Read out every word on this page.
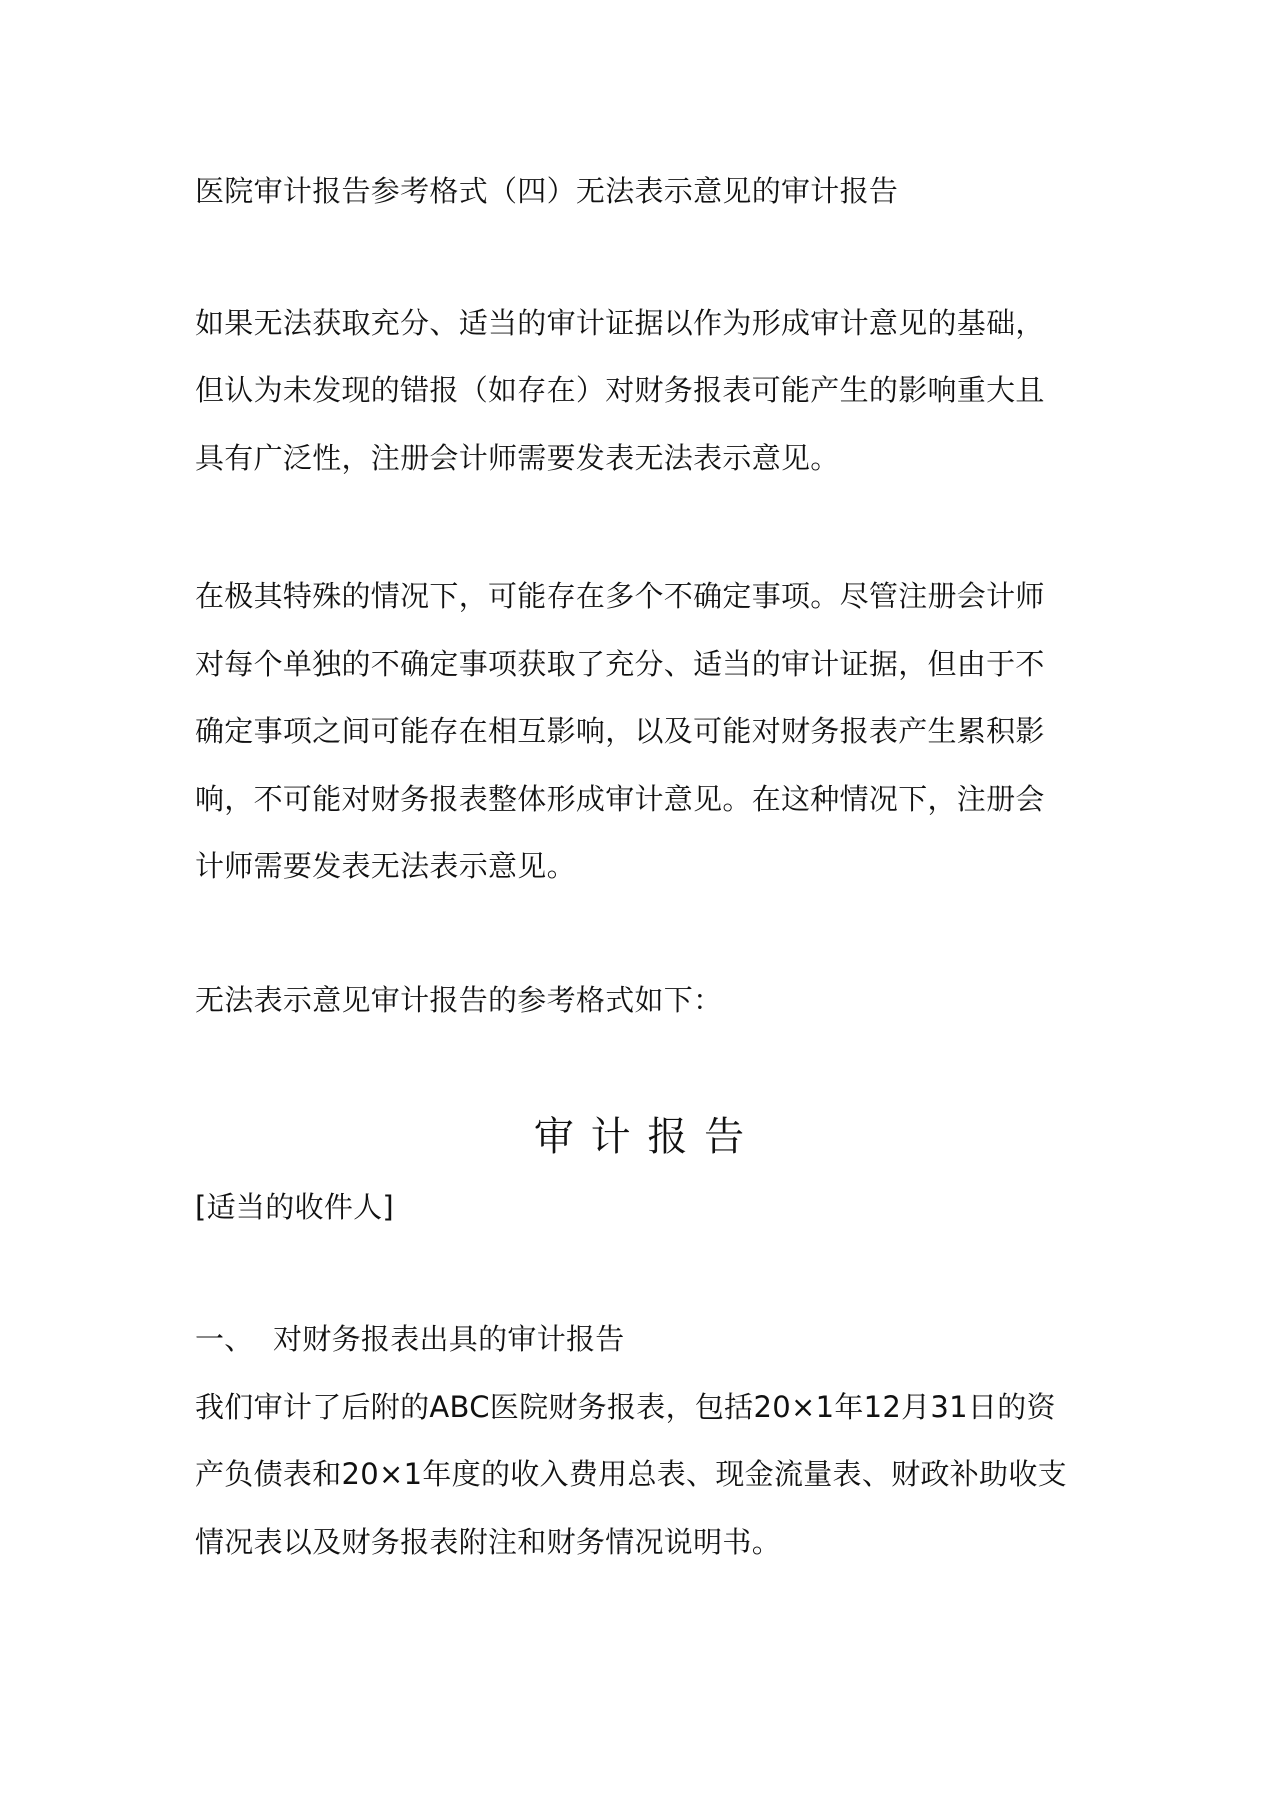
医院审计报告参考格式（四）无法表示意见的审计报告
如果无法获取充分、适当的审计证据以作为形成审计意见的基础，
但认为未发现的错报（如存在）对财务报表可能产生的影响重大且
具有广泛性，注册会计师需要发表无法表示意见。
在极其特殊的情况下，可能存在多个不确定事项。尽管注册会计师
对每个单独的不确定事项获取了充分、适当的审计证据，但由于不
确定事项之间可能存在相互影响，以及可能对财务报表产生累积影
响，不可能对财务报表整体形成审计意见。在这种情况下，注册会
计师需要发表无法表示意见。
无法表示意见审计报告的参考格式如下：
审 计 报 告
[适当的收件人]
一、 对财务报表出具的审计报告
我们审计了后附的ABC医院财务报表，包括20×1年12月31日的资
产负债表和20×1年度的收入费用总表、现金流量表、财政补助收支
情况表以及财务报表附注和财务情况说明书。
